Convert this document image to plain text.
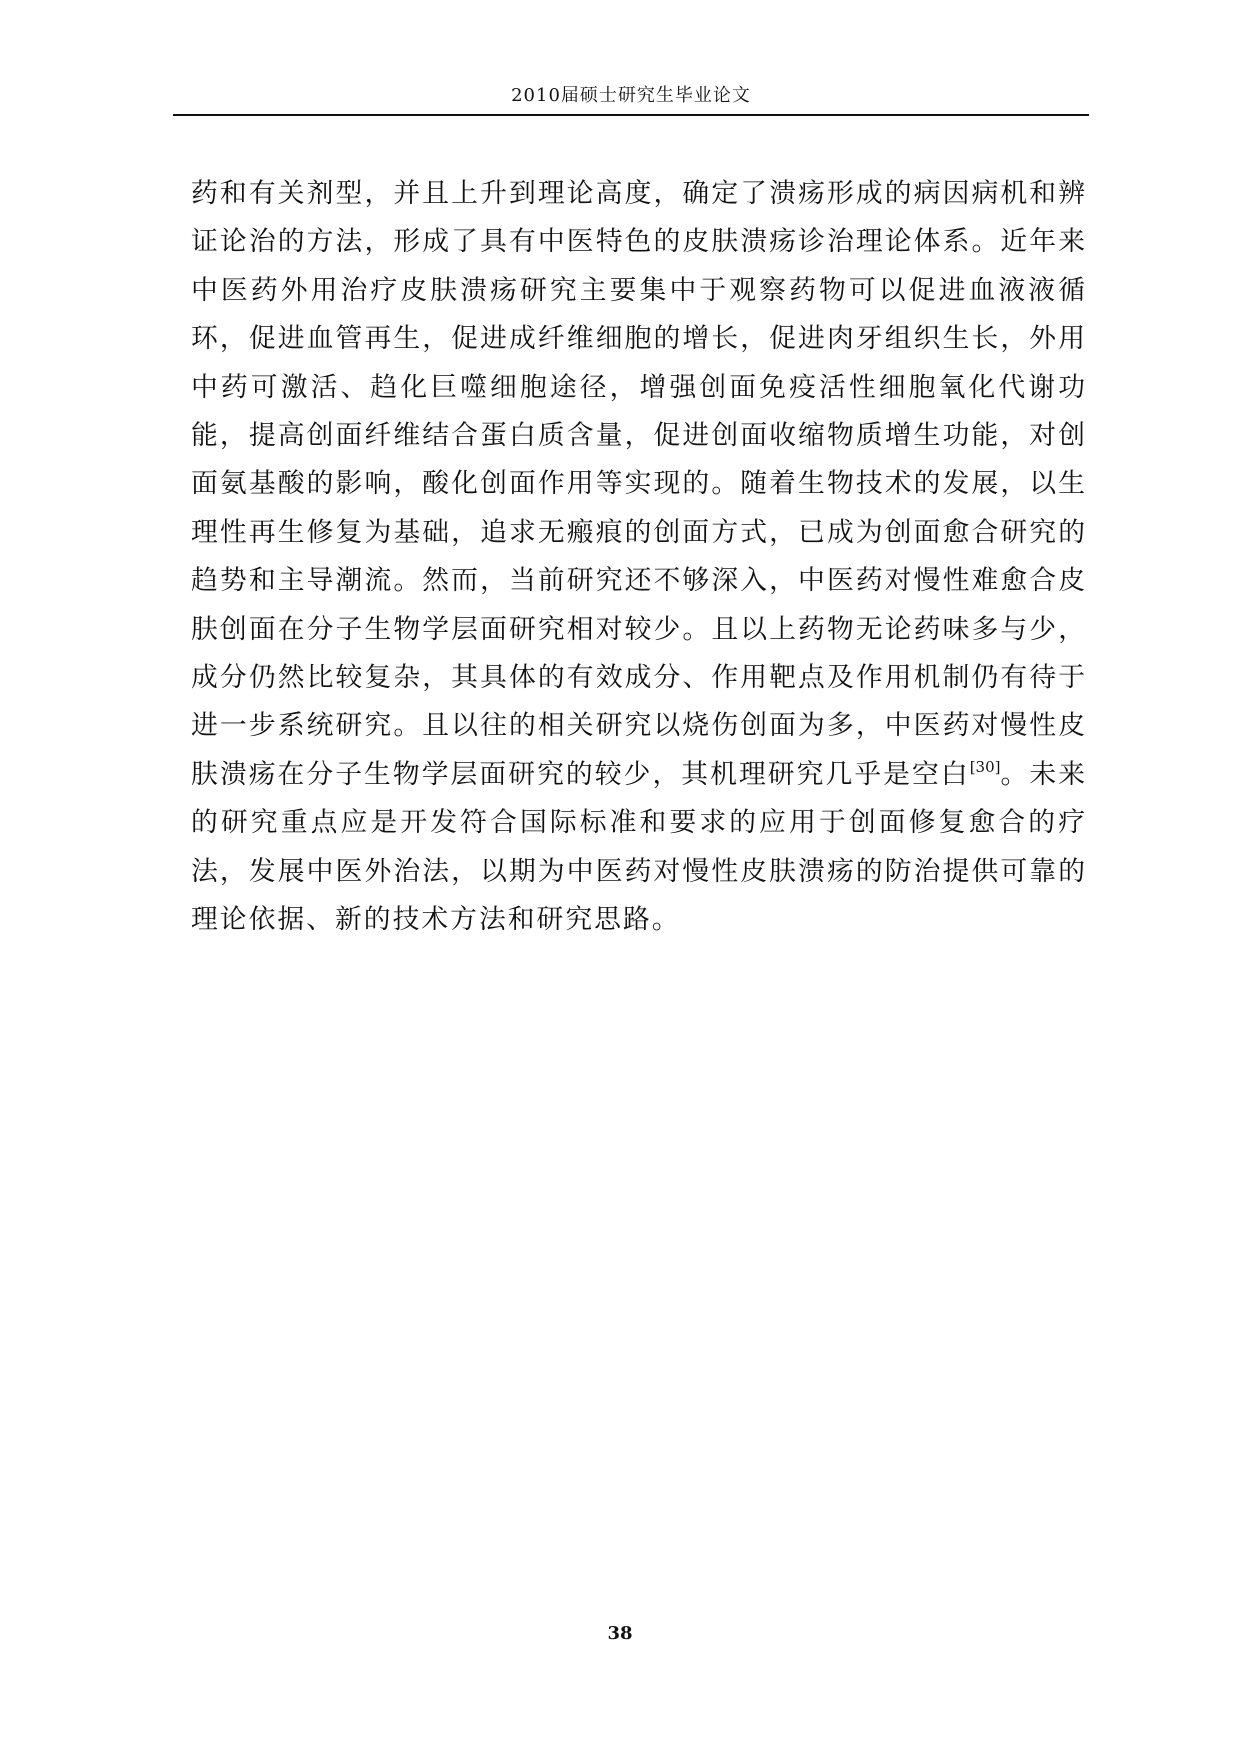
2010届硕士研究生毕业论文

药和有关剂型，并且上升到理论高度，确定了溃疡形成的病因病机和辨证论治的方法，形成了具有中医特色的皮肤溃疡诊治理论体系。近年来中医药外用治疗皮肤溃疡研究主要集中于观察药物可以促进血液液循环，促进血管再生，促进成纤维细胞的增长，促进肉牙组织生长，外用中药可激活、趋化巨噬细胞途径，增强创面免疫活性细胞氧化代谢功能，提高创面纤维结合蛋白质含量，促进创面收缩物质增生功能，对创面氨基酸的影响，酸化创面作用等实现的。随着生物技术的发展，以生理性再生修复为基础，追求无瘢痕的创面方式，已成为创面愈合研究的趋势和主导潮流。然而，当前研究还不够深入，中医药对慢性难愈合皮肤创面在分子生物学层面研究相对较少。且以上药物无论药味多与少，成分仍然比较复杂，其具体的有效成分、作用靶点及作用机制仍有待于进一步系统研究。且以往的相关研究以烧伤创面为多，中医药对慢性皮肤溃疡在分子生物学层面研究的较少，其机理研究几乎是空白[30]。未来的研究重点应是开发符合国际标准和要求的应用于创面修复愈合的疗法，发展中医外治法，以期为中医药对慢性皮肤溃疡的防治提供可靠的理论依据、新的技术方法和研究思路。

38
